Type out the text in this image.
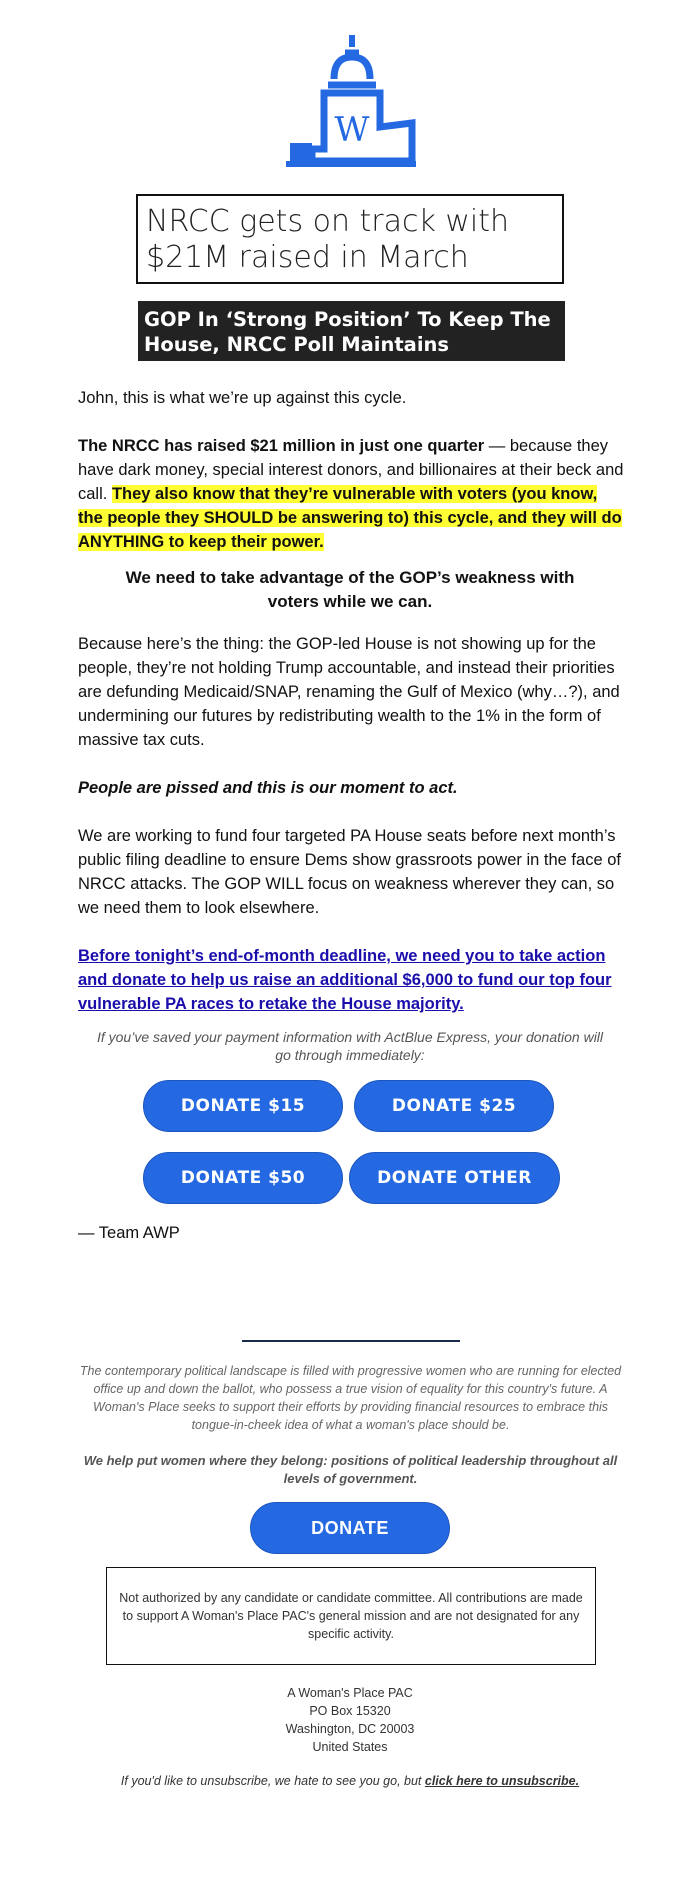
W
NRCC gets on track with $21M raised in March
GOP In ‘Strong Position’ To Keep The House, NRCC Poll Maintains
John, this is what we’re up against this cycle.
The NRCC has raised $21 million in just one quarter — because they have dark money, special interest donors, and billionaires at their beck and call. They also know that they’re vulnerable with voters (you know, the people they SHOULD be answering to) this cycle, and they will do ANYTHING to keep their power.
We need to take advantage of the GOP’s weakness with voters while we can.
Because here’s the thing: the GOP-led House is not showing up for the people, they’re not holding Trump accountable, and instead their priorities are defunding Medicaid/SNAP, renaming the Gulf of Mexico (why…?), and undermining our futures by redistributing wealth to the 1% in the form of massive tax cuts.
People are pissed and this is our moment to act.
We are working to fund four targeted PA House seats before next month’s public filing deadline to ensure Dems show grassroots power in the face of NRCC attacks. The GOP WILL focus on weakness wherever they can, so we need them to look elsewhere.
Before tonight’s end-of-month deadline, we need you to take action and donate to help us raise an additional $6,000 to fund our top four vulnerable PA races to retake the House majority.
If you’ve saved your payment information with ActBlue Express, your donation will go through immediately:
DONATE $15	DONATE $25
DONATE $50	DONATE OTHER
— Team AWP
The contemporary political landscape is filled with progressive women who are running for elected office up and down the ballot, who possess a true vision of equality for this country's future. A Woman's Place seeks to support their efforts by providing financial resources to embrace this tongue-in-cheek idea of what a woman's place should be.
We help put women where they belong: positions of political leadership throughout all levels of government.
DONATE
Not authorized by any candidate or candidate committee. All contributions are made to support A Woman's Place PAC's general mission and are not designated for any specific activity.
A Woman's Place PAC
PO Box 15320
Washington, DC 20003
United States
If you'd like to unsubscribe, we hate to see you go, but click here to unsubscribe.
